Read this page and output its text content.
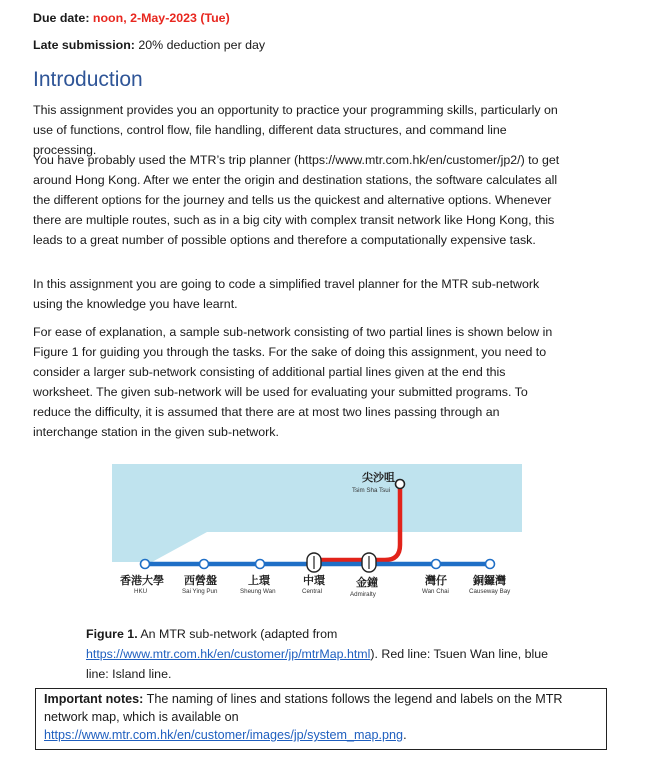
Due date: noon, 2-May-2023 (Tue)
Late submission: 20% deduction per day
Introduction

This assignment provides you an opportunity to practice your programming skills, particularly on use of functions, control flow, file handling, different data structures, and command line processing.

You have probably used the MTR’s trip planner (https://www.mtr.com.hk/en/customer/jp2/) to get around Hong Kong. After we enter the origin and destination stations, the software calculates all the different options for the journey and tells us the quickest and alternative options. Whenever there are multiple routes, such as in a big city with complex transit network like Hong Kong, this leads to a great number of possible options and therefore a computationally expensive task.

In this assignment you are going to code a simplified travel planner for the MTR sub-network using the knowledge you have learnt.

For ease of explanation, a sample sub-network consisting of two partial lines is shown below in Figure 1 for guiding you through the tasks. For the sake of doing this assignment, you need to consider a larger sub-network consisting of additional partial lines given at the end this worksheet. The given sub-network will be used for evaluating your submitted programs. To reduce the difficulty, it is assumed that there are at most two lines passing through an interchange station in the given sub-network.

尖沙咀
Tsim Sha Tsui
香港大學
HKU
西營盤
Sai Ying Pun
上環
Sheung Wan
中環
Central
金鐘
Admiralty
灣仔
Wan Chai
銅鑼灣
Causeway Bay
Figure 1. An MTR sub-network (adapted from https://www.mtr.com.hk/en/customer/jp/mtrMap.html). Red line: Tsuen Wan line, blue line: Island line.
Important notes: The naming of lines and stations follows the legend and labels on the MTR network map, which is available on
https://www.mtr.com.hk/en/customer/images/jp/system_map.png.
